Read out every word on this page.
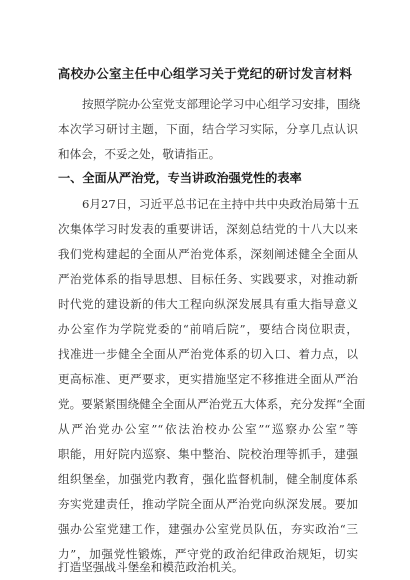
高校办公室主任中心组学习关于党纪的研讨发言材料
按照学院办公室党支部理论学习中心组学习安排，围绕
本次学习研讨主题，下面，结合学习实际，分享几点认识
和体会，不妥之处，敬请指正。
一、全面从严治党，专当讲政治强党性的表率
6月27日，习近平总书记在主持中共中央政治局第十五
次集体学习时发表的重要讲话，深刻总结党的十八大以来
我们党构建起的全面从严治党体系，深刻阐述健全全面从
严治党体系的指导思想、目标任务、实践要求，对推动新
时代党的建设新的伟大工程向纵深发展具有重大指导意义
办公室作为学院党委的“前哨后院”，要结合岗位职责，
找准进一步健全全面从严治党体系的切入口、着力点，以
更高标准、更严要求，更实措施坚定不移推进全面从严治
党。要紧紧围绕健全全面从严治党五大体系，充分发挥“全面
从严治党办公室”“依法治校办公室”“巡察办公室”等
职能，用好院内巡察、集中整治、院校治理等抓手，建强
组织堡垒，加强党内教育，强化监督机制，健全制度体系
夯实党建责任，推动学院全面从严治党向纵深发展。要加
强办公室党建工作，建强办公室党员队伍，夯实政治“三
力”，加强党性锻炼，严守党的政治纪律政治规矩，切实
打造坚强战斗堡垒和模范政治机关。
